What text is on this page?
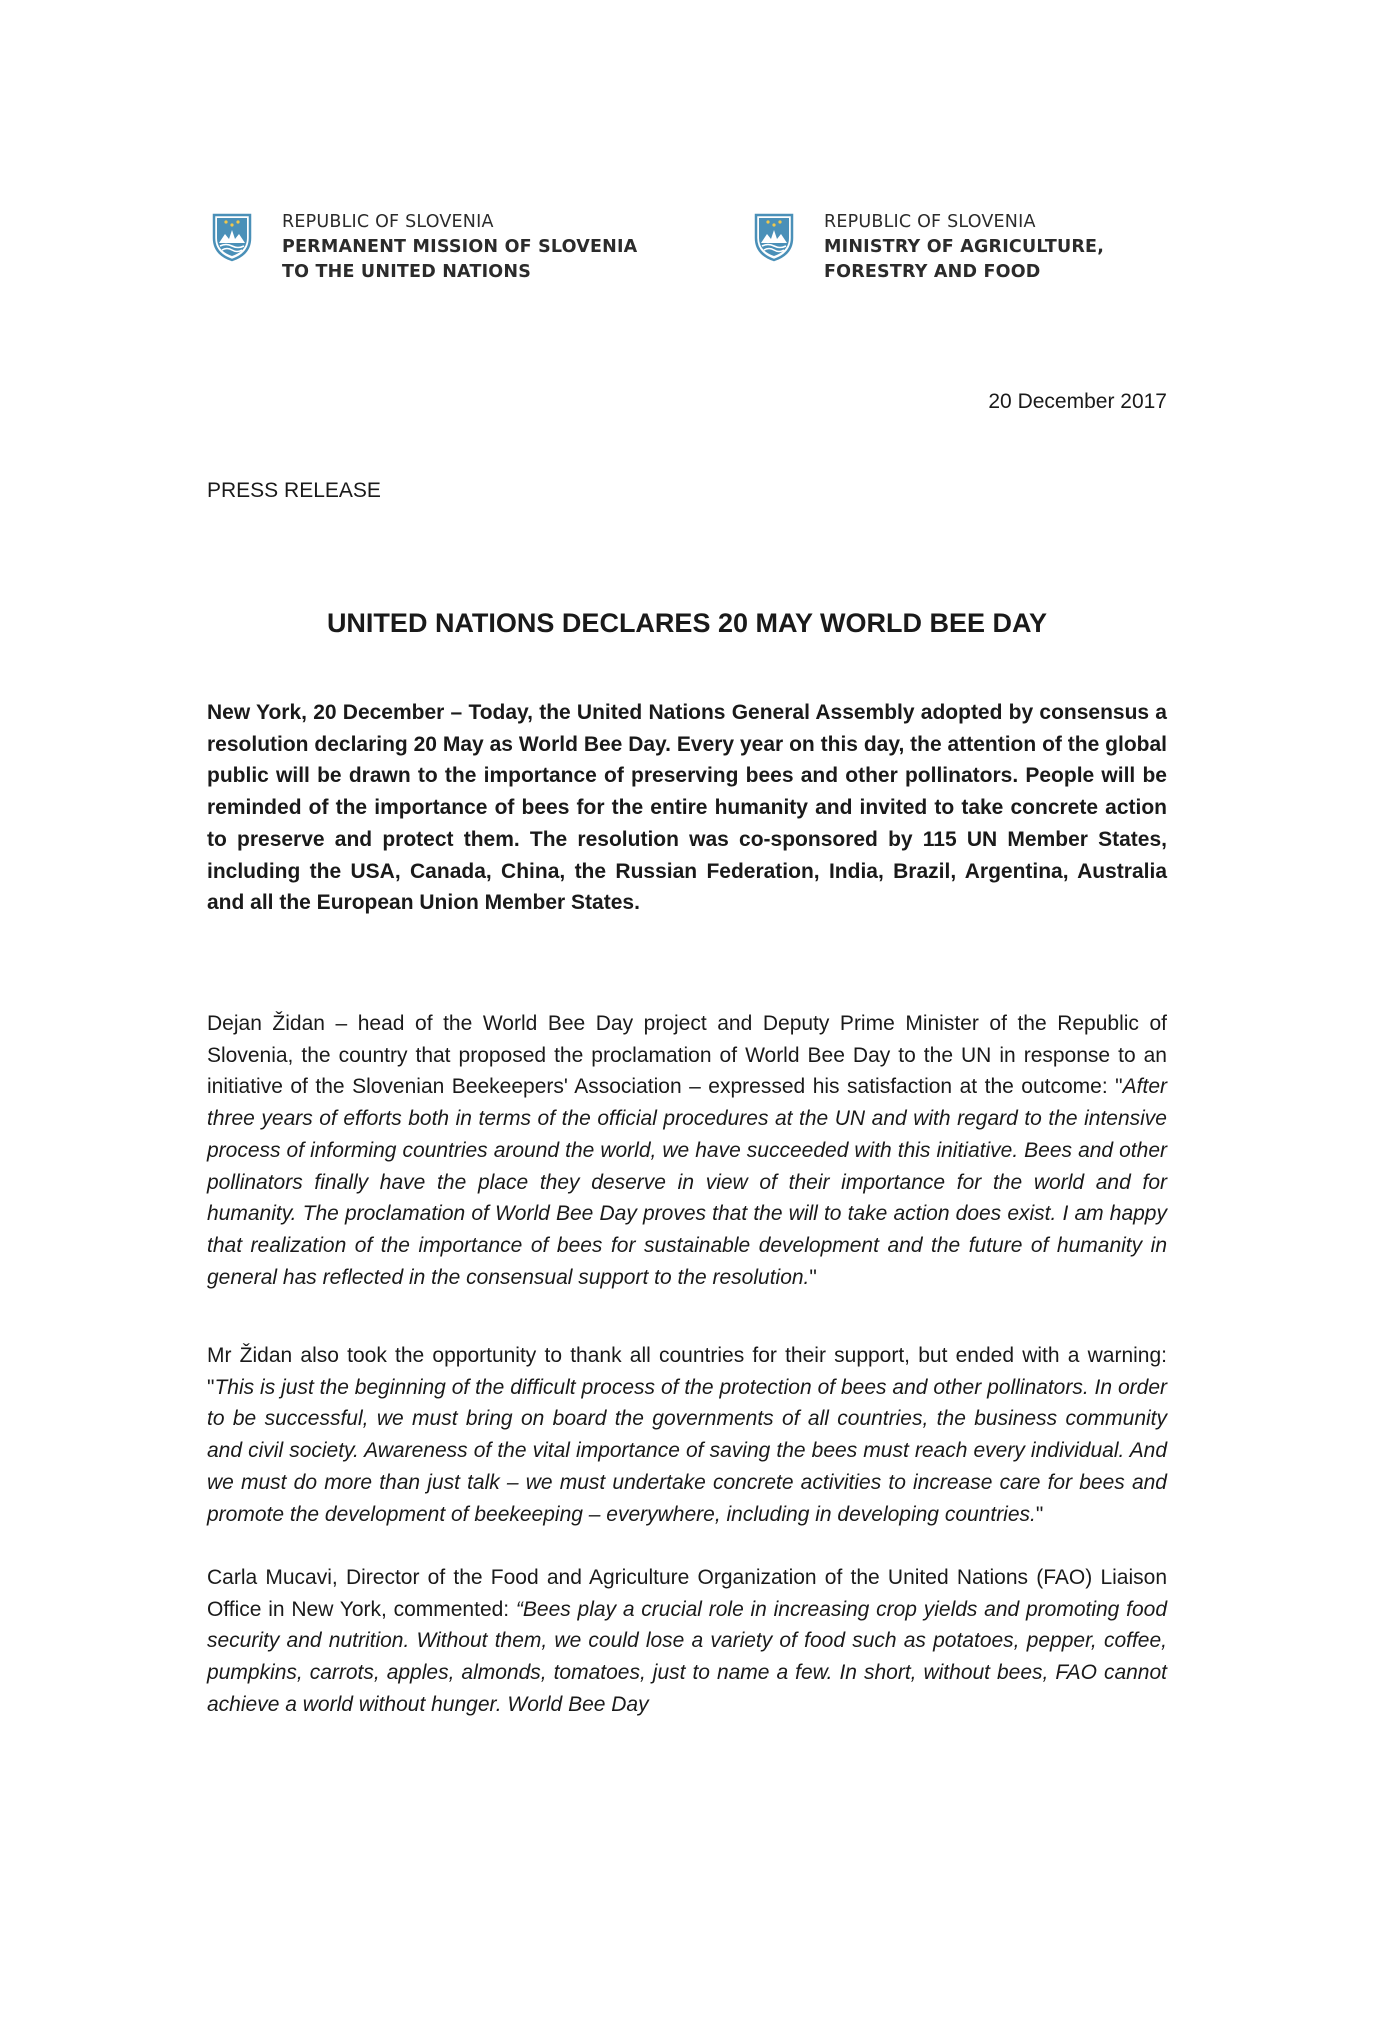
REPUBLIC OF SLOVENIA
PERMANENT MISSION OF SLOVENIA
TO THE UNITED NATIONS
REPUBLIC OF SLOVENIA
MINISTRY OF AGRICULTURE,
FORESTRY AND FOOD
20 December 2017
PRESS RELEASE
UNITED NATIONS DECLARES 20 MAY WORLD BEE DAY

New York, 20 December – Today, the United Nations General Assembly adopted by consensus a resolution declaring 20 May as World Bee Day. Every year on this day, the attention of the global public will be drawn to the importance of preserving bees and other pollinators. People will be reminded of the importance of bees for the entire humanity and invited to take concrete action to preserve and protect them. The resolution was co-sponsored by 115 UN Member States, including the USA, Canada, China, the Russian Federation, India, Brazil, Argentina, Australia and all the European Union Member States.

Dejan Židan – head of the World Bee Day project and Deputy Prime Minister of the Republic of Slovenia, the country that proposed the proclamation of World Bee Day to the UN in response to an initiative of the Slovenian Beekeepers' Association – expressed his satisfaction at the outcome: "After three years of efforts both in terms of the official procedures at the UN and with regard to the intensive process of informing countries around the world, we have succeeded with this initiative. Bees and other pollinators finally have the place they deserve in view of their importance for the world and for humanity. The proclamation of World Bee Day proves that the will to take action does exist. I am happy that realization of the importance of bees for sustainable development and the future of humanity in general has reflected in the consensual support to the resolution."

Mr Židan also took the opportunity to thank all countries for their support, but ended with a warning: "This is just the beginning of the difficult process of the protection of bees and other pollinators. In order to be successful, we must bring on board the governments of all countries, the business community and civil society. Awareness of the vital importance of saving the bees must reach every individual. And we must do more than just talk – we must undertake concrete activities to increase care for bees and promote the development of beekeeping – everywhere, including in developing countries."

Carla Mucavi, Director of the Food and Agriculture Organization of the United Nations (FAO) Liaison Office in New York, commented: “Bees play a crucial role in increasing crop yields and promoting food security and nutrition. Without them, we could lose a variety of food such as potatoes, pepper, coffee, pumpkins, carrots, apples, almonds, tomatoes, just to name a few. In short, without bees, FAO cannot achieve a world without hunger. World Bee Day
